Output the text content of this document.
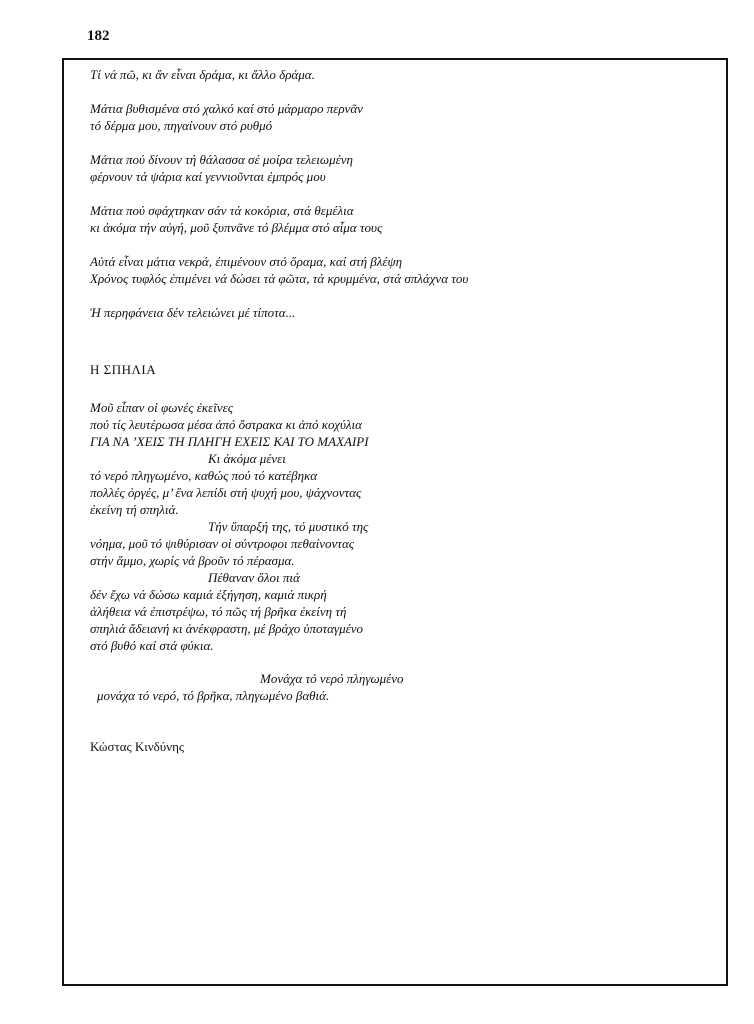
182
Τί νά πῶ, κι ἄν εἶναι δράμα, κι ἄλλο δράμα.
Μάτια βυθισμένα στό χαλκό καί στό μάρμαρο περνᾶν
τό δέρμα μου, πηγαίνουν στό ρυθμό
Μάτια πού δίνουν τή θάλασσα σέ μοίρα τελειωμένη
φέρνουν τά ψάρια καί γεννιοῦνται ἐμπρός μου
Μάτια πού σφάχτηκαν σάν τά κοκόρια, στά θεμέλια
κι ἀκόμα τήν αὐγή, μοῦ ξυπνᾶνε τό βλέμμα στό αἷμα τους
Αὐτά εἶναι μάτια νεκρά, ἐπιμένουν στό ὅραμα, καί στή βλέψη
Χρόνος τυφλός ἐπιμένει νά δώσει τά φῶτα, τά κρυμμένα, στά σπλάχνα του
Ἡ περηφάνεια δέν τελειώνει μέ τίποτα...
Η ΣΠΗΛΙΑ
Μοῦ εἶπαν οἱ φωνές ἐκεῖνες
πού τίς λευτέρωσα μέσα ἀπό ὄστρακα κι ἀπό κοχύλια
ΓΙΑ ΝΑ ʼΧΕΙΣ ΤΗ ΠΛΗΓΗ ΕΧΕΙΣ ΚΑΙ ΤΟ ΜΑΧΑΙΡΙ
Κι ἀκόμα μένει
τό νερό πληγωμένο, καθώς πού τό κατέβηκα
πολλές ὀργές, μ’ ἕνα λεπίδι στή ψυχή μου, ψάχνοντας
ἐκείνη τή σπηλιά.
Τήν ὕπαρξή της, τό μυστικό της
νόημα, μοῦ τό ψιθύρισαν οἱ σύντροφοι πεθαίνοντας
στήν ἄμμο, χωρίς νά βροῦν τό πέρασμα.
Πέθαναν ὅλοι πιά
δέν ἔχω νά δώσω καμιά ἐξήγηση, καμιά πικρή
ἀλήθεια νά ἐπιστρέψω, τό πῶς τή βρῆκα ἐκείνη τή
σπηλιά ἄδειανή κι ἀνέκφραστη, μέ βράχο ὑποταγμένο
στό βυθό καί στά φύκια.
Μονάχα τό νερό πληγωμένο
μονάχα τό νερό, τό βρῆκα, πληγωμένο βαθιά.
Κώστας Κινδύνης
